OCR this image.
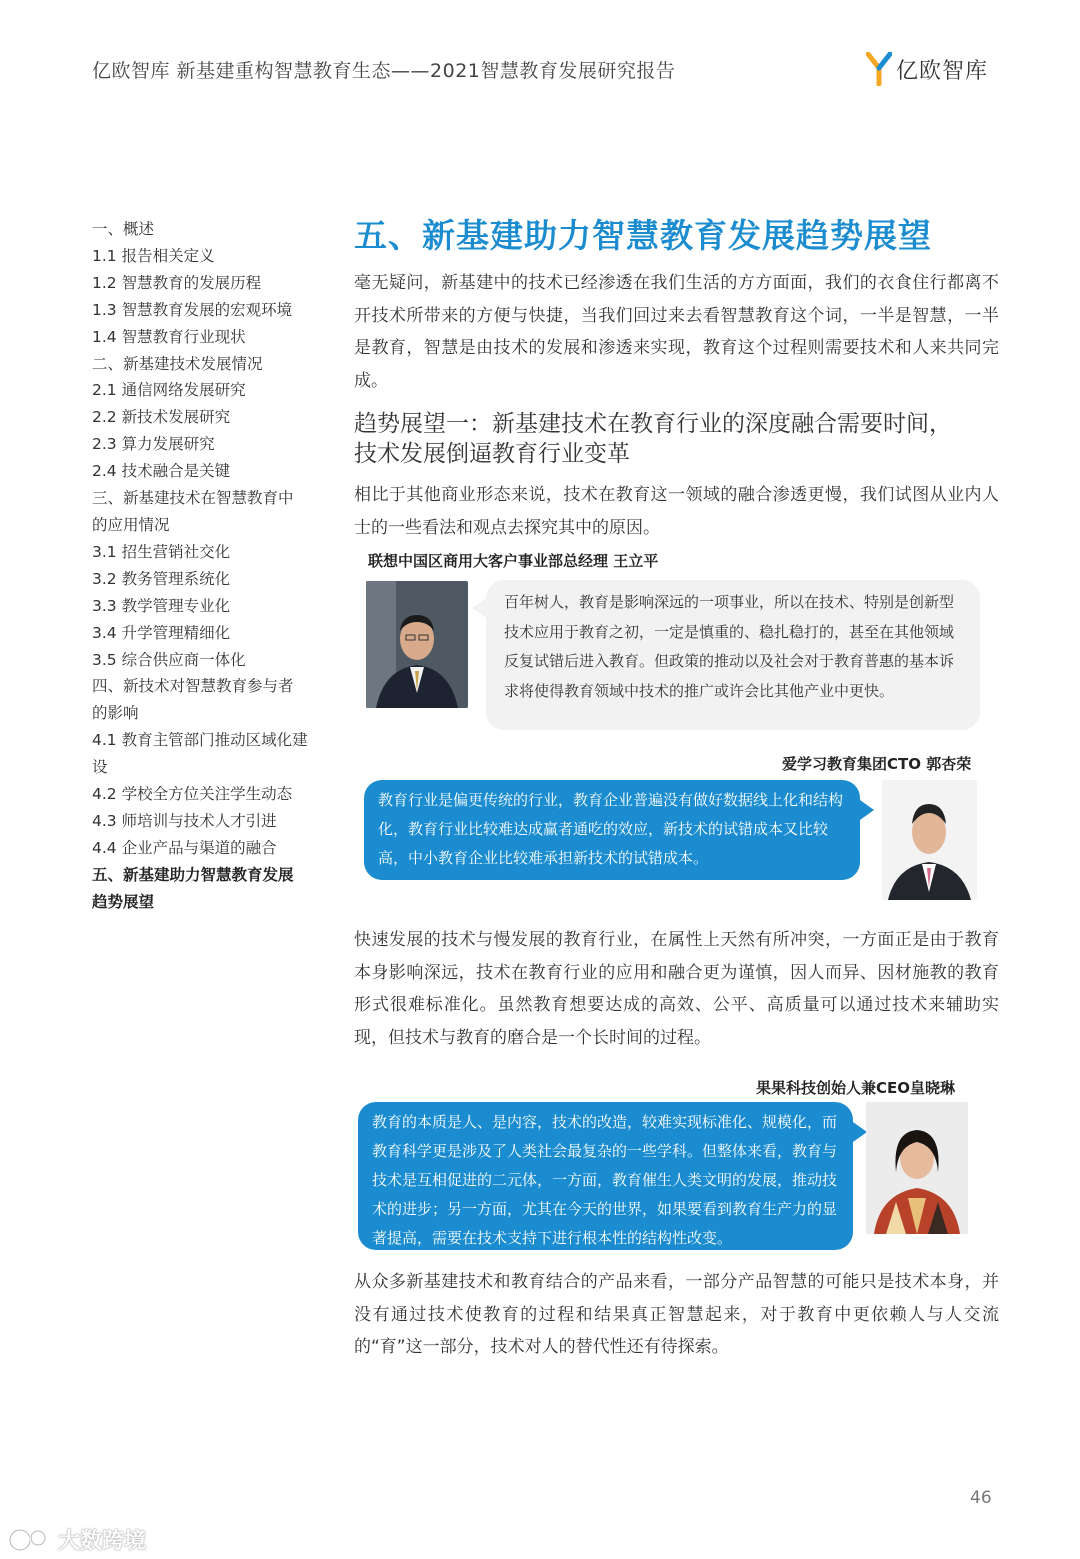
亿欧智库 新基建重构智慧教育生态——2021智慧教育发展研究报告	亿欧智库
一、概述
1.1 报告相关定义
1.2 智慧教育的发展历程
1.3 智慧教育发展的宏观环境
1.4 智慧教育行业现状
二、新基建技术发展情况
2.1 通信网络发展研究
2.2 新技术发展研究
2.3 算力发展研究
2.4 技术融合是关键
三、新基建技术在智慧教育中
的应用情况
3.1 招生营销社交化
3.2 教务管理系统化
3.3 教学管理专业化
3.4 升学管理精细化
3.5 综合供应商一体化
四、新技术对智慧教育参与者
的影响
4.1 教育主管部门推动区域化建
设
4.2 学校全方位关注学生动态
4.3 师培训与技术人才引进
4.4 企业产品与渠道的融合
五、新基建助力智慧教育发展
趋势展望
五、新基建助力智慧教育发展趋势展望

毫无疑问，新基建中的技术已经渗透在我们生活的方方面面，我们的衣食住行都离不开技术所带来的方便与快捷，当我们回过来去看智慧教育这个词，一半是智慧，一半是教育，智慧是由技术的发展和渗透来实现，教育这个过程则需要技术和人来共同完成。

趋势展望一：新基建技术在教育行业的深度融合需要时间，
技术发展倒逼教育行业变革

相比于其他商业形态来说，技术在教育这一领域的融合渗透更慢，我们试图从业内人士的一些看法和观点去探究其中的原因。

联想中国区商用大客户事业部总经理 王立平
百年树人，教育是影响深远的一项事业，所以在技术、特别是创新型技术应用于教育之初，一定是慎重的、稳扎稳打的，甚至在其他领域反复试错后进入教育。但政策的推动以及社会对于教育普惠的基本诉求将使得教育领域中技术的推广或许会比其他产业中更快。
爱学习教育集团CTO 郭杏荣
教育行业是偏更传统的行业，教育企业普遍没有做好数据线上化和结构化，教育行业比较难达成赢者通吃的效应，新技术的试错成本又比较高，中小教育企业比较难承担新技术的试错成本。

快速发展的技术与慢发展的教育行业，在属性上天然有所冲突，一方面正是由于教育本身影响深远，技术在教育行业的应用和融合更为谨慎，因人而异、因材施教的教育形式很难标准化。虽然教育想要达成的高效、公平、高质量可以通过技术来辅助实现，但技术与教育的磨合是一个长时间的过程。

果果科技创始人兼CEO皇晓琳
教育的本质是人、是内容，技术的改造，较难实现标准化、规模化，而教育科学更是涉及了人类社会最复杂的一些学科。但整体来看，教育与技术是互相促进的二元体，一方面，教育催生人类文明的发展，推动技术的进步；另一方面，尤其在今天的世界，如果要看到教育生产力的显著提高，需要在技术支持下进行根本性的结构性改变。

从众多新基建技术和教育结合的产品来看，一部分产品智慧的可能只是技术本身，并没有通过技术使教育的过程和结果真正智慧起来，对于教育中更依赖人与人交流的“育”这一部分，技术对人的替代性还有待探索。

46
大数跨境
